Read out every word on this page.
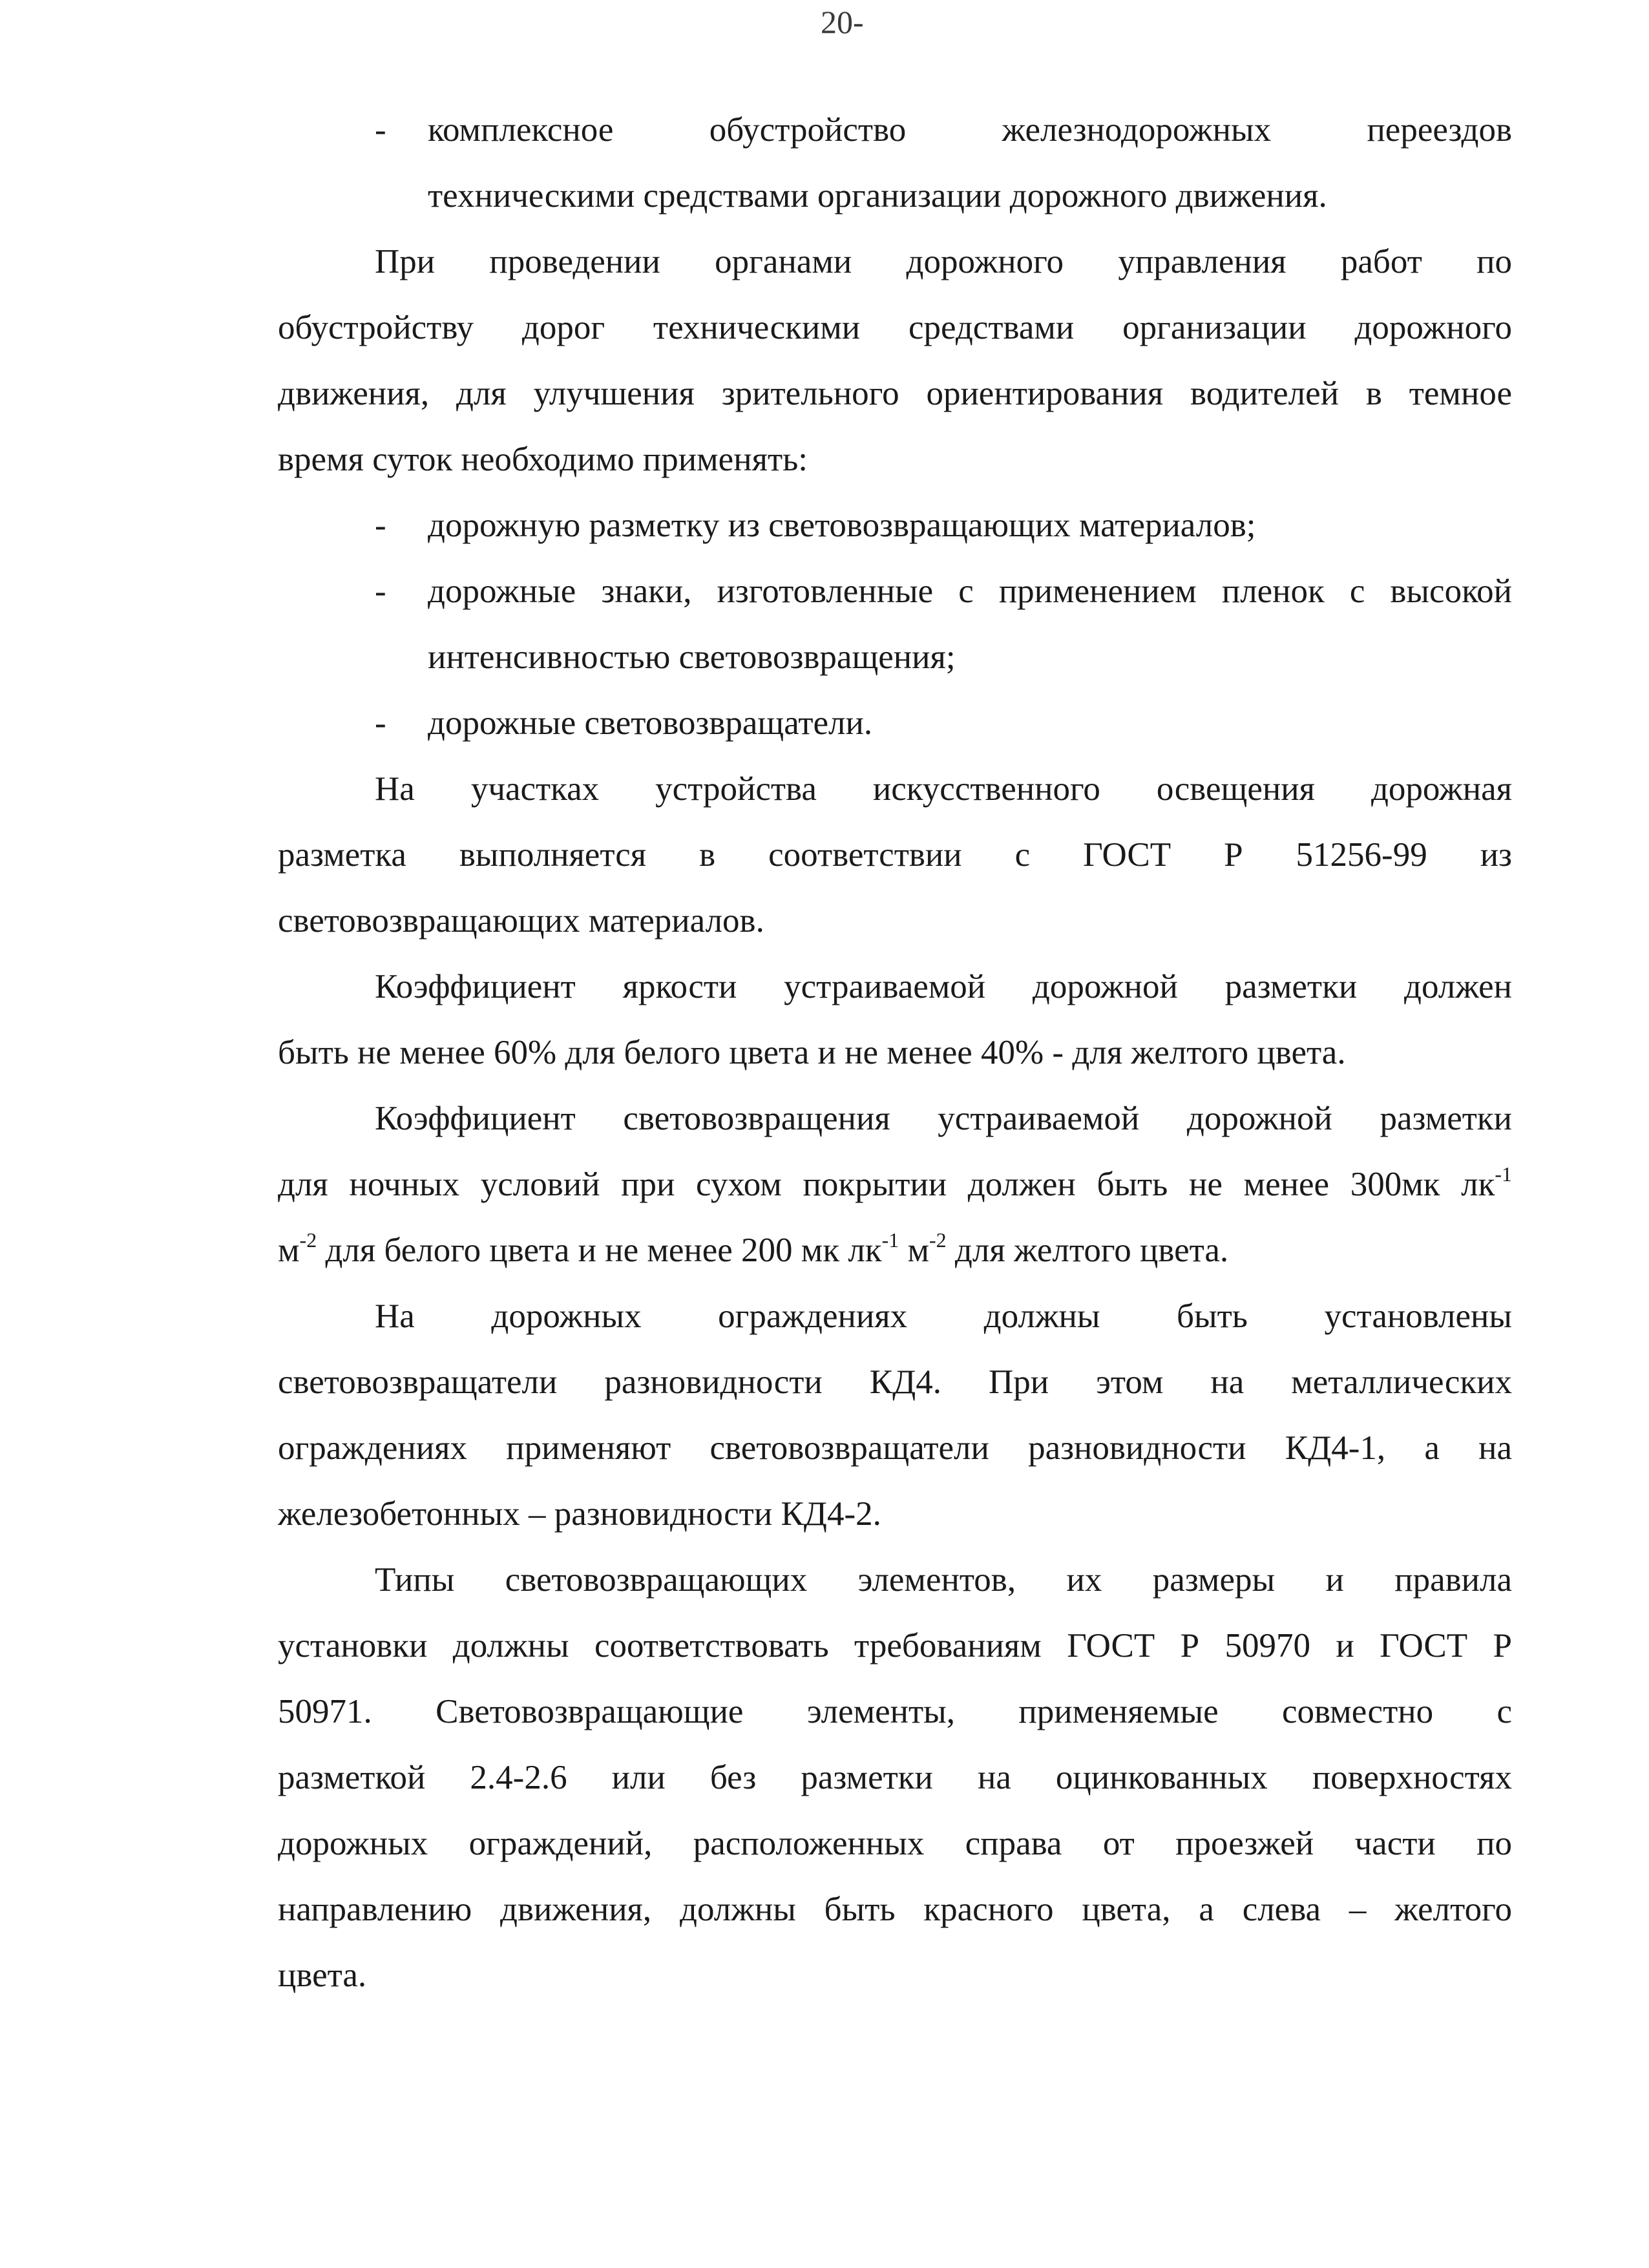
20-
- комплексное обустройство железнодорожных переездов
техническими средствами организации дорожного движения.
При проведении органами дорожного управления работ по
обустройству дорог техническими средствами организации дорожного
движения, для улучшения зрительного ориентирования водителей в темное
время суток необходимо применять:
- дорожную разметку из световозвращающих материалов;
- дорожные знаки, изготовленные с применением пленок с высокой
интенсивностью световозвращения;
- дорожные световозвращатели.
На участках устройства искусственного освещения дорожная
разметка выполняется в соответствии с ГОСТ Р 51256-99 из
световозвращающих материалов.
Коэффициент яркости устраиваемой дорожной разметки должен
быть не менее 60% для белого цвета и не менее 40% - для желтого цвета.
Коэффициент световозвращения устраиваемой дорожной разметки
для ночных условий при сухом покрытии должен быть не менее 300мк $лк^{-1}$
$м^{-2}$ для белого цвета и не менее 200 мк $лк^{-1}$ $м^{-2}$ для желтого цвета.
На дорожных ограждениях должны быть установлены
световозвращатели разновидности КД4. При этом на металлических
ограждениях применяют световозвращатели разновидности КД4-1, а на
железобетонных – разновидности КД4-2.
Типы световозвращающих элементов, их размеры и правила
установки должны соответствовать требованиям ГОСТ Р 50970 и ГОСТ Р
50971. Световозвращающие элементы, применяемые совместно с
разметкой 2.4-2.6 или без разметки на оцинкованных поверхностях
дорожных ограждений, расположенных справа от проезжей части по
направлению движения, должны быть красного цвета, а слева – желтого
цвета.
